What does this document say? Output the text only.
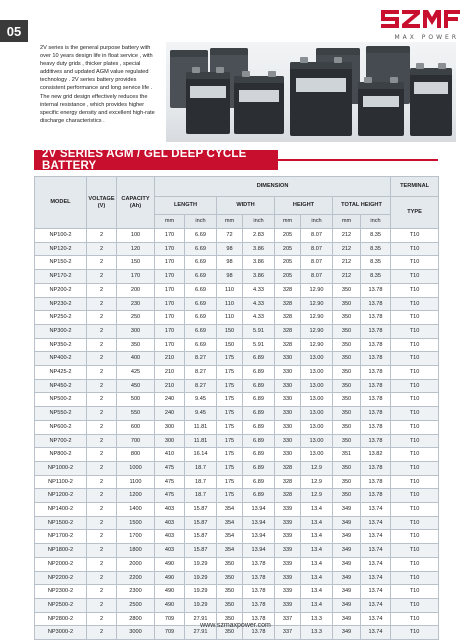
05	MAX POWER
2V series is the general purpose battery with over 10 years design life in float service , with heavy duty grids , thicker plates , special additives and updated AGM value regulated technology . 2V series battery provides consistent performance and long service life . The new grid design effectively reduces the internal resistance , which provides higher specific energy density and excellent high-rate discharge characteristics .
2V SERIES AGM / GEL DEEP CYCLE BATTERY
MODEL	VOLTAGE (V)	CAPACITY (Ah)	DIMENSION								TERMINAL
			LENGTH		WIDTH		HEIGHT		TOTAL HEIGHT		TYPE
			mm	inch	mm	inch	mm	inch	mm	inch	
NP100-2	2	100	170	6.69	72	2.83	205	8.07	212	8.35	T10
NP120-2	2	120	170	6.69	98	3.86	205	8.07	212	8.35	T10
NP150-2	2	150	170	6.69	98	3.86	205	8.07	212	8.35	T10
NP170-2	2	170	170	6.69	98	3.86	205	8.07	212	8.35	T10
NP200-2	2	200	170	6.69	110	4.33	328	12.90	350	13.78	T10
NP230-2	2	230	170	6.69	110	4.33	328	12.90	350	13.78	T10
NP250-2	2	250	170	6.69	110	4.33	328	12.90	350	13.78	T10
NP300-2	2	300	170	6.69	150	5.91	328	12.90	350	13.78	T10
NP350-2	2	350	170	6.69	150	5.91	328	12.90	350	13.78	T10
NP400-2	2	400	210	8.27	175	6.89	330	13.00	350	13.78	T10
NP425-2	2	425	210	8.27	175	6.89	330	13.00	350	13.78	T10
NP450-2	2	450	210	8.27	175	6.89	330	13.00	350	13.78	T10
NP500-2	2	500	240	9.45	175	6.89	330	13.00	350	13.78	T10
NP550-2	2	550	240	9.45	175	6.89	330	13.00	350	13.78	T10
NP600-2	2	600	300	11.81	175	6.89	330	13.00	350	13.78	T10
NP700-2	2	700	300	11.81	175	6.89	330	13.00	350	13.78	T10
NP800-2	2	800	410	16.14	175	6.89	330	13.00	351	13.82	T10
NP1000-2	2	1000	475	18.7	175	6.89	328	12.9	350	13.78	T10
NP1100-2	2	1100	475	18.7	175	6.89	328	12.9	350	13.78	T10
NP1200-2	2	1200	475	18.7	175	6.89	328	12.9	350	13.78	T10
NP1400-2	2	1400	403	15.87	354	13.94	339	13.4	349	13.74	T10
NP1500-2	2	1500	403	15.87	354	13.94	339	13.4	349	13.74	T10
NP1700-2	2	1700	403	15.87	354	13.94	339	13.4	349	13.74	T10
NP1800-2	2	1800	403	15.87	354	13.94	339	13.4	349	13.74	T10
NP2000-2	2	2000	490	19.29	350	13.78	339	13.4	349	13.74	T10
NP2200-2	2	2200	490	19.29	350	13.78	339	13.4	349	13.74	T10
NP2300-2	2	2300	490	19.29	350	13.78	339	13.4	349	13.74	T10
NP2500-2	2	2500	490	19.29	350	13.78	339	13.4	349	13.74	T10
NP2800-2	2	2800	709	27.91	350	13.78	337	13.3	349	13.74	T10
NP3000-2	2	3000	709	27.91	350	13.78	337	13.3	349	13.74	T10
www.szmaxpower.com
